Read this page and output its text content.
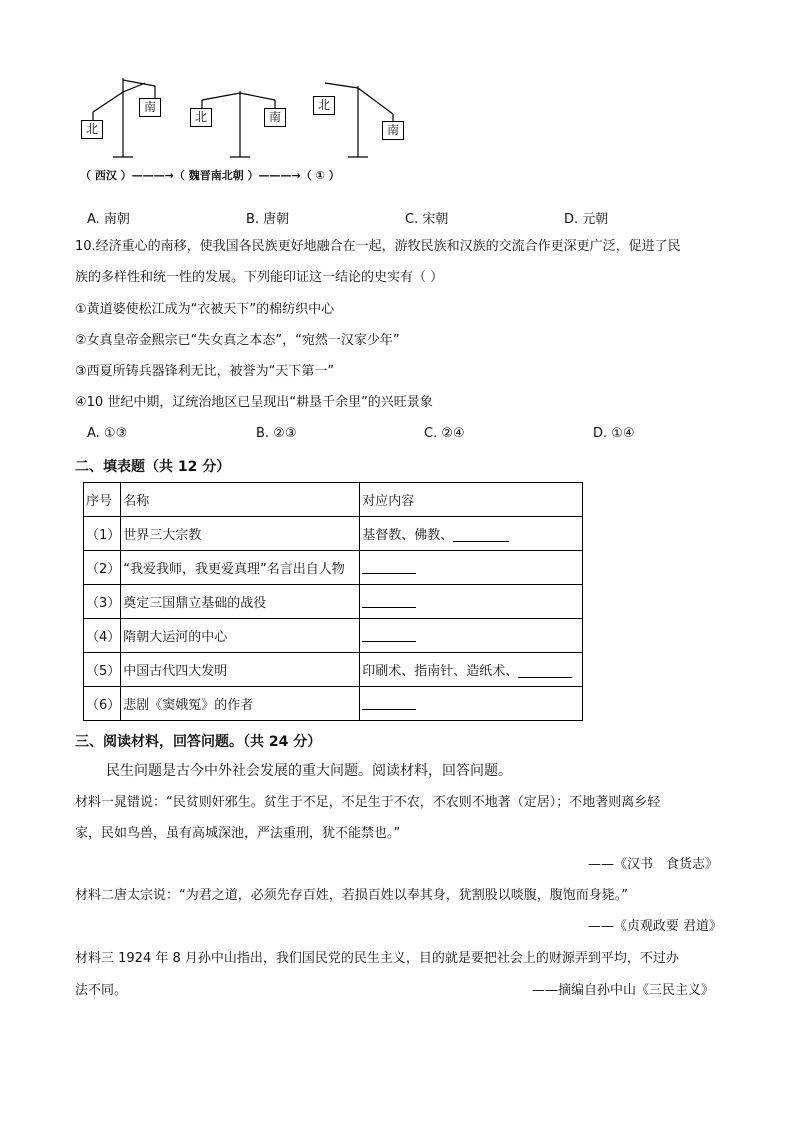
南
北
北	南
北
南
（ 西汉 ）———→（ 魏晋南北朝 ）———→（ ① ）
A. 南朝	B. 唐朝	C. 宋朝	D. 元朝
10.经济重心的南移，使我国各民族更好地融合在一起，游牧民族和汉族的交流合作更深更广泛，促进了民
族的多样性和统一性的发展。下列能印证这一结论的史实有（ ）
①黄道婆使松江成为“衣被天下”的棉纺织中心
②女真皇帝金熙宗已“失女真之本态”，“宛然一汉家少年”
③西夏所铸兵器锋利无比，被誉为“天下第一”
④10 世纪中期，辽统治地区已呈现出“耕垦千余里”的兴旺景象
A. ①③	B. ②③	C. ②④	D. ①④
二、填表题（共 12 分）
序号	名称	对应内容
（1）	世界三大宗教	基督教、佛教、
（2）	“我爱我师，我更爱真理”名言出自人物	
（3）	奠定三国鼎立基础的战役	
（4）	隋朝大运河的中心	
（5）	中国古代四大发明	印刷术、指南针、造纸术、
（6）	悲剧《窦娥冤》的作者	
三、阅读材料，回答问题。（共 24 分）
民生问题是古今中外社会发展的重大问题。阅读材料，回答问题。
材料一晁错说：“民贫则奸邪生。贫生于不足，不足生于不农，不农则不地著（定居）；不地著则离乡轻
家，民如鸟兽，虽有高城深池，严法重刑，犹不能禁也。”
——《汉书　食货志》
材料二唐太宗说：“为君之道，必须先存百姓，若损百姓以奉其身，犹割股以啖腹，腹饱而身毙。”
——《贞观政要 君道》
材料三 1924 年 8 月孙中山指出，我们国民党的民生主义，目的就是要把社会上的财源弄到平均，不过办
法不同。	——摘编自孙中山《三民主义》
